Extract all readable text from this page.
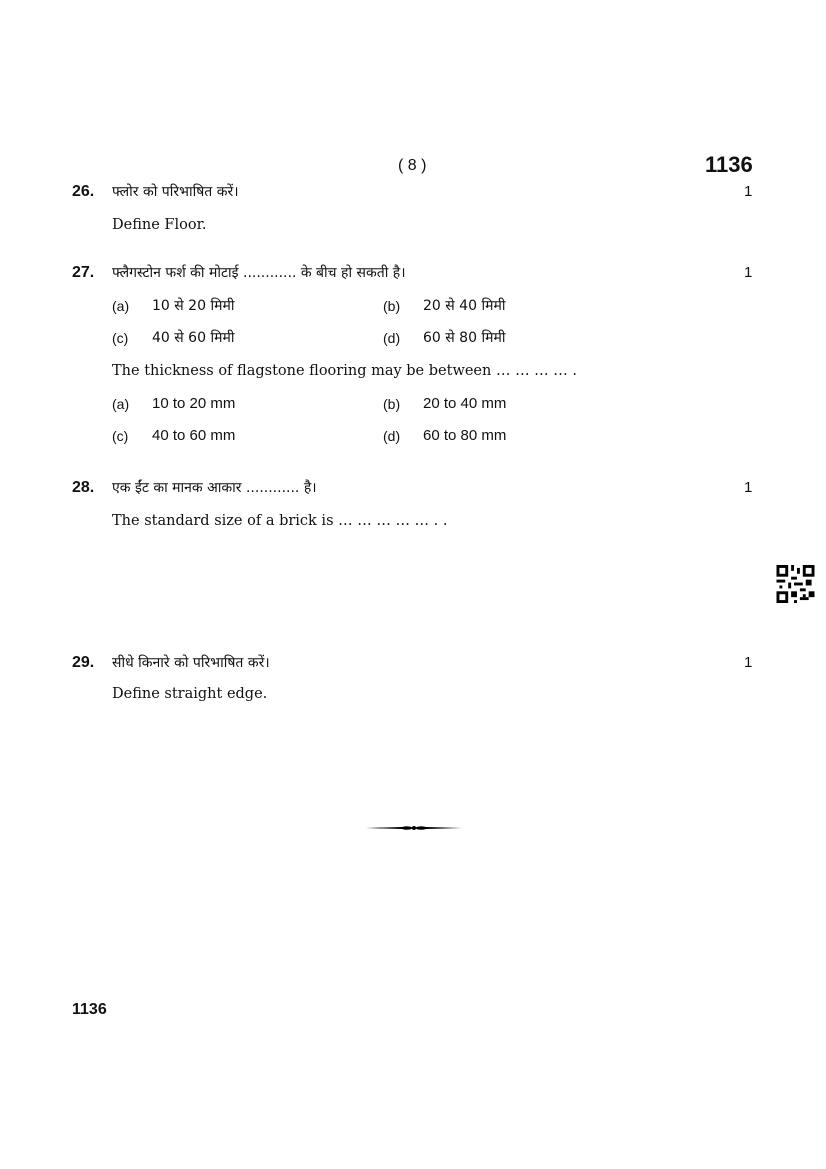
( 8 )	1136
26. फ्लोर को परिभाषित करें।	1
Define Floor.
27. फ्लैगस्टोन फर्श की मोटाई ............ के बीच हो सकती है।	1
(a) 10 से 20 मिमी	(b) 20 से 40 मिमी
(c) 40 से 60 मिमी	(d) 60 से 80 मिमी
The thickness of flagstone flooring may be between … … … … .
(a) 10 to 20 mm	(b) 20 to 40 mm
(c) 40 to 60 mm	(d) 60 to 80 mm
28. एक ईंट का मानक आकार ............ है।	1
The standard size of a brick is … … … … … . .
29. सीधे किनारे को परिभाषित करें।	1
Define straight edge.
1136
